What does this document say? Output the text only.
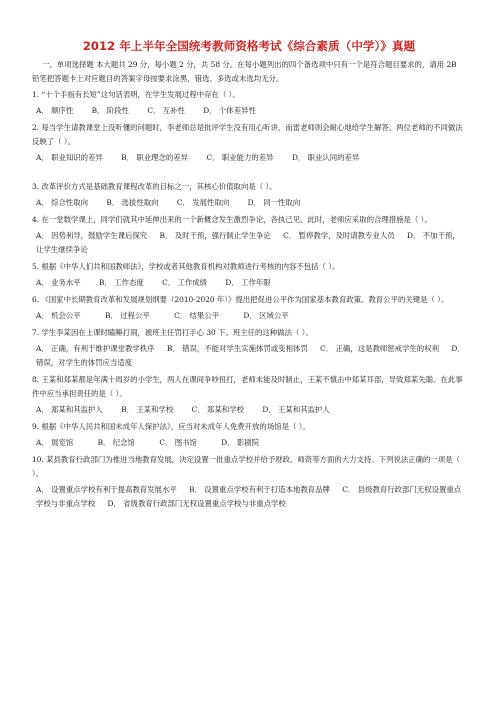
2012 年上半年全国统考教师资格考试《综合素质（中学）》真题
一、单项选择题 本大题共 29 分，每小题 2 分，共 58 分。在每小题列出的四个备选项中只有一个是符合题目要求的，请用 2B 铅笔把答题卡上对应题目的答案字母按要求涂黑，错选、多选或未选均无分。
1. “十个手指有长短”这句话表明，在学生发展过程中存在（ ）。
A． 顺序性 B． 阶段性 C． 互补性 D． 个体差异性
2. 每当学生请教课堂上没听懂的问题时，李老师总是批评学生没有用心听讲，而雷老师则会耐心地给学生解答。两位老师的不同做法反映了（ ）。
A． 职业知识的差异 B． 职业理念的差异 C． 职业能力的差异 D． 职业认同的差异
3. 改革评价方式是基础教育课程改革的目标之一，其核心价值取向是（ ）。
A． 综合性取向 B． 选拔性取向 C． 发展性取向 D． 同一性取向
4. 在一堂数学课上，同学们就其中延伸出来的一个新概念发生激烈争论，各执己见。此时，老师应采取的合理措施是（ ）。
A． 因势利导，鼓励学生课后探究 B． 及时干预，强行制止学生争论 C． 暂停教学，及时请教专业人员 D． 不加干预，让学生继续争论
5. 根据《中华人们共和国教师法》，学校或者其他教育机构对教师进行考核的内容不包括（ ）。
A． 业务水平 B． 工作态度 C． 工作成绩 D． 工作年限
6. 《国家中长期教育改革和发展规划纲要（2010-2020 年）》提出把促进公平作为国家基本教育政策。教育公平的关键是（ ）。
A． 机会公平	B． 过程公平	C． 结果公平	D． 区域公平
7. 学生李某因在上课时瞌睡打闹，被班主任罚打手心 30 下。班主任的这种做法（ ）。
A． 正确，有利于维护课堂教学秩序 B． 错误，不能对学生实施体罚或变相体罚 C． 正确，这是教师惩戒学生的权利 D． 错误，对学生的体罚应当适度
8. 王某和郑某都是年满十周岁的小学生，两人在课间争吵扭打，老师未能及时制止，王某不慎击中郑某耳部，导致郑某失聪。在此事件中应当承担责任的是（ ）。
A． 郑某和其监护人 B． 王某和学校 C． 郑某和学校 D． 王某和其监护人
9. 根据《中华人民共和国未成年人保护法》，应当对未成年人免费开放的场馆是（ ）。
A． 展览馆	B． 纪念馆	C． 图书馆	D． 影剧院
10. 某县教育行政部门为推进当地教育发展，决定设置一批重点学校并给予财政、师资等方面的大力支持。下列说法正确的一项是（ ）。
A． 设置重点学校有利于提高教育发展水平 B． 设置重点学校有利于打造本地教育品牌 C． 县级教育行政部门无权设置重点学校与非重点学校 D． 省级教育行政部门无权设置重点学校与非重点学校
